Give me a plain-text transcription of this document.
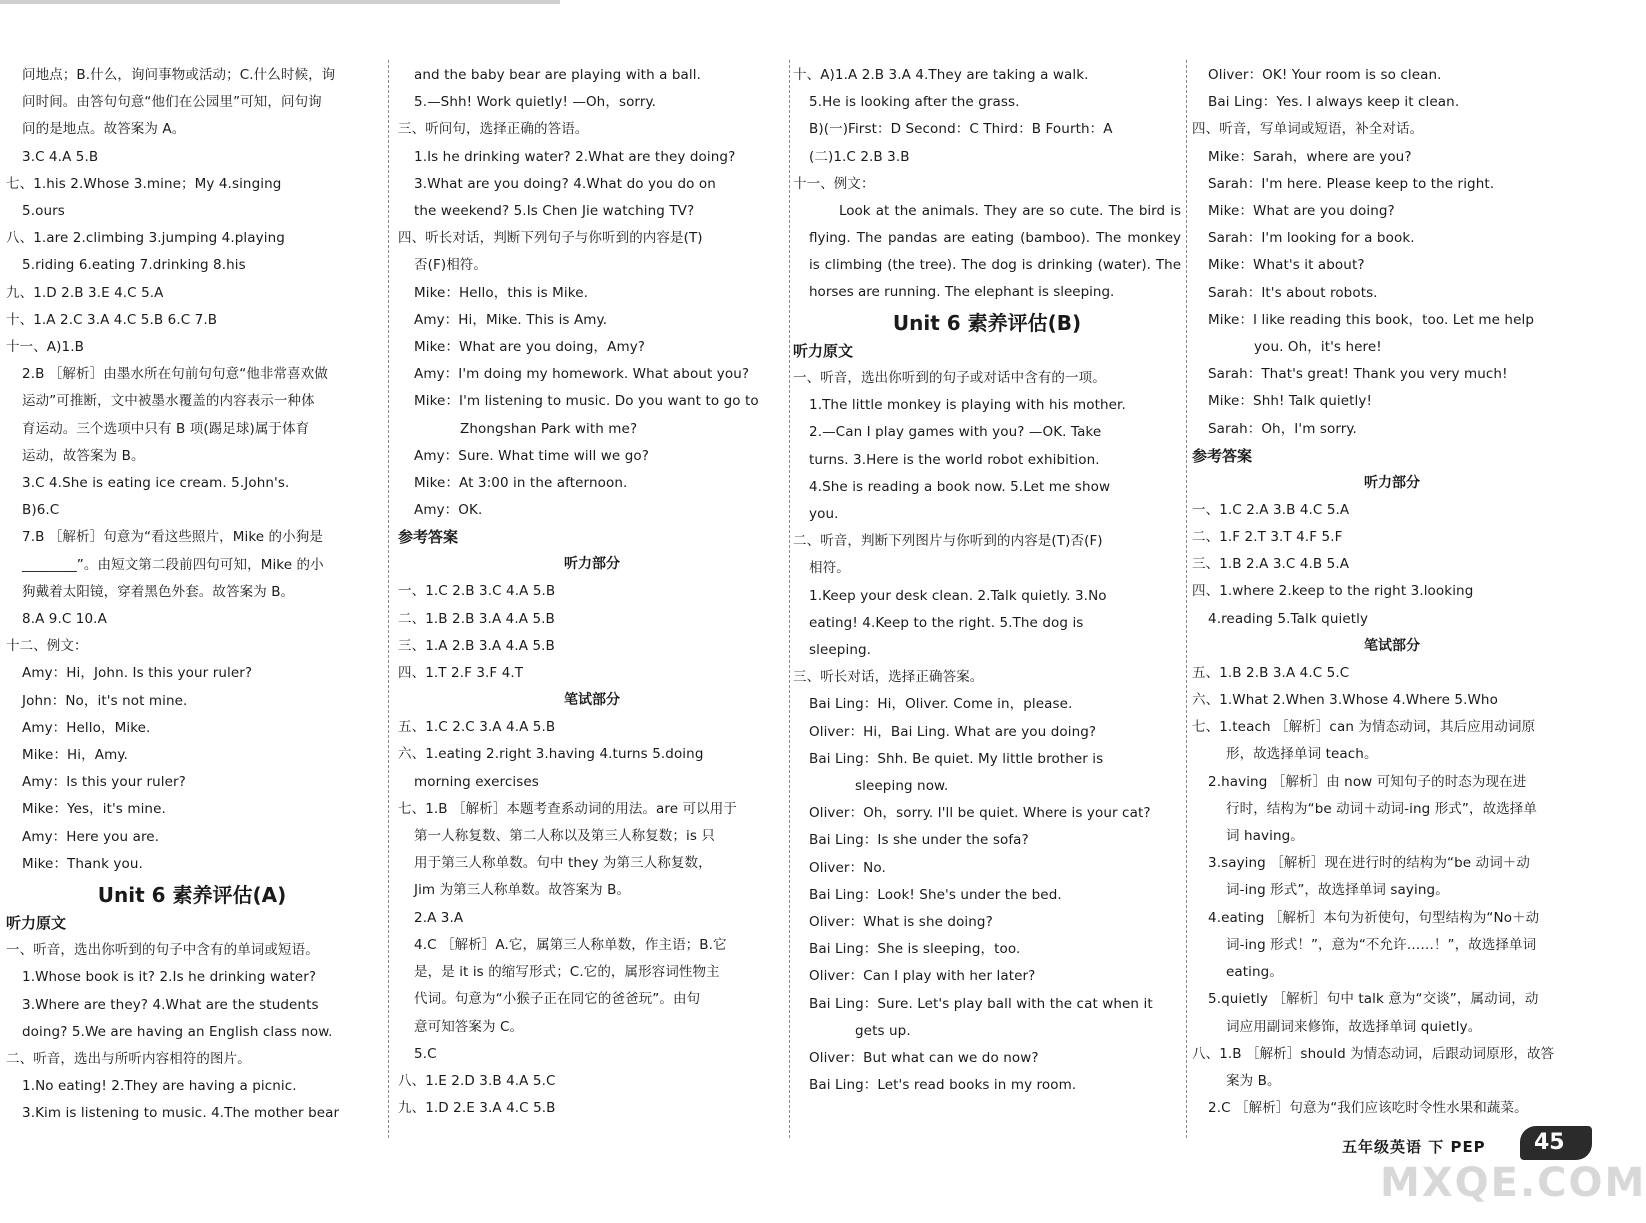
问地点；B.什么，询问事物或活动；C.什么时候，询
问时间。由答句句意“他们在公园里”可知，问句询
问的是地点。故答案为 A。
3.C 4.A 5.B
七、1.his 2.Whose 3.mine；My 4.singing
5.ours
八、1.are 2.climbing 3.jumping 4.playing
5.riding 6.eating 7.drinking 8.his
九、1.D 2.B 3.E 4.C 5.A
十、1.A 2.C 3.A 4.C 5.B 6.C 7.B
十一、A)1.B
2.B ［解析］由墨水所在句前句句意“他非常喜欢做
运动”可推断，文中被墨水覆盖的内容表示一种体
育运动。三个选项中只有 B 项(踢足球)属于体育
运动，故答案为 B。
3.C 4.She is eating ice cream. 5.John's.
B)6.C
7.B ［解析］句意为“看这些照片，Mike 的小狗是
________”。由短文第二段前四句可知，Mike 的小
狗戴着太阳镜，穿着黑色外套。故答案为 B。
8.A 9.C 10.A
十二、例文：
Amy：Hi，John. Is this your ruler?
John：No，it's not mine.
Amy：Hello，Mike.
Mike：Hi，Amy.
Amy：Is this your ruler?
Mike：Yes，it's mine.
Amy：Here you are.
Mike：Thank you.
Unit 6 素养评估(A)
听力原文
一、听音，选出你听到的句子中含有的单词或短语。
1.Whose book is it? 2.Is he drinking water?
3.Where are they? 4.What are the students
doing? 5.We are having an English class now.
二、听音，选出与所听内容相符的图片。
1.No eating! 2.They are having a picnic.
3.Kim is listening to music. 4.The mother bear
and the baby bear are playing with a ball.
5.—Shh! Work quietly! —Oh，sorry.
三、听问句，选择正确的答语。
1.Is he drinking water? 2.What are they doing?
3.What are you doing? 4.What do you do on
the weekend? 5.Is Chen Jie watching TV?
四、听长对话，判断下列句子与你听到的内容是(T)
否(F)相符。
Mike：Hello，this is Mike.
Amy：Hi，Mike. This is Amy.
Mike：What are you doing，Amy?
Amy：I'm doing my homework. What about you?
Mike：I'm listening to music. Do you want to go to
Zhongshan Park with me?
Amy：Sure. What time will we go?
Mike：At 3:00 in the afternoon.
Amy：OK.
参考答案
听力部分
一、1.C 2.B 3.C 4.A 5.B
二、1.B 2.B 3.A 4.A 5.B
三、1.A 2.B 3.A 4.A 5.B
四、1.T 2.F 3.F 4.T
笔试部分
五、1.C 2.C 3.A 4.A 5.B
六、1.eating 2.right 3.having 4.turns 5.doing
morning exercises
七、1.B ［解析］本题考查系动词的用法。are 可以用于
第一人称复数、第二人称以及第三人称复数；is 只
用于第三人称单数。句中 they 为第三人称复数，
Jim 为第三人称单数。故答案为 B。
2.A 3.A
4.C ［解析］A.它，属第三人称单数，作主语；B.它
是，是 it is 的缩写形式；C.它的，属形容词性物主
代词。句意为“小猴子正在同它的爸爸玩”。由句
意可知答案为 C。
5.C
八、1.E 2.D 3.B 4.A 5.C
九、1.D 2.E 3.A 4.C 5.B
十、A)1.A 2.B 3.A 4.They are taking a walk.
5.He is looking after the grass.
B)(一)First：D Second：C Third：B Fourth：A
(二)1.C 2.B 3.B
十一、例文：
Look at the animals. They are so cute. The bird is flying. The pandas are eating (bamboo). The monkey is climbing (the tree). The dog is drinking (water). The horses are running. The elephant is sleeping.
Unit 6 素养评估(B)
听力原文
一、听音，选出你听到的句子或对话中含有的一项。
1.The little monkey is playing with his mother.
2.—Can I play games with you? —OK. Take
turns. 3.Here is the world robot exhibition.
4.She is reading a book now. 5.Let me show
you.
二、听音，判断下列图片与你听到的内容是(T)否(F)
相符。
1.Keep your desk clean. 2.Talk quietly. 3.No
eating! 4.Keep to the right. 5.The dog is
sleeping.
三、听长对话，选择正确答案。
Bai Ling：Hi，Oliver. Come in，please.
Oliver：Hi，Bai Ling. What are you doing?
Bai Ling：Shh. Be quiet. My little brother is
sleeping now.
Oliver：Oh，sorry. I'll be quiet. Where is your cat?
Bai Ling：Is she under the sofa?
Oliver：No.
Bai Ling：Look! She's under the bed.
Oliver：What is she doing?
Bai Ling：She is sleeping，too.
Oliver：Can I play with her later?
Bai Ling：Sure. Let's play ball with the cat when it
gets up.
Oliver：But what can we do now?
Bai Ling：Let's read books in my room.
Oliver：OK! Your room is so clean.
Bai Ling：Yes. I always keep it clean.
四、听音，写单词或短语，补全对话。
Mike：Sarah，where are you?
Sarah：I'm here. Please keep to the right.
Mike：What are you doing?
Sarah：I'm looking for a book.
Mike：What's it about?
Sarah：It's about robots.
Mike：I like reading this book，too. Let me help
you. Oh，it's here!
Sarah：That's great! Thank you very much!
Mike：Shh! Talk quietly!
Sarah：Oh，I'm sorry.
参考答案
听力部分
一、1.C 2.A 3.B 4.C 5.A
二、1.F 2.T 3.T 4.F 5.F
三、1.B 2.A 3.C 4.B 5.A
四、1.where 2.keep to the right 3.looking
4.reading 5.Talk quietly
笔试部分
五、1.B 2.B 3.A 4.C 5.C
六、1.What 2.When 3.Whose 4.Where 5.Who
七、1.teach ［解析］can 为情态动词，其后应用动词原
形，故选择单词 teach。
2.having ［解析］由 now 可知句子的时态为现在进
行时，结构为“be 动词＋动词-ing 形式”，故选择单
词 having。
3.saying ［解析］现在进行时的结构为“be 动词＋动
词-ing 形式”，故选择单词 saying。
4.eating ［解析］本句为祈使句，句型结构为“No＋动
词-ing 形式！”，意为“不允许……！”，故选择单词
eating。
5.quietly ［解析］句中 talk 意为“交谈”，属动词，动
词应用副词来修饰，故选择单词 quietly。
八、1.B ［解析］should 为情态动词，后跟动词原形，故答
案为 B。
2.C ［解析］句意为“我们应该吃时令性水果和蔬菜。
五年级英语 下 PEP 45
MXQE.COM
